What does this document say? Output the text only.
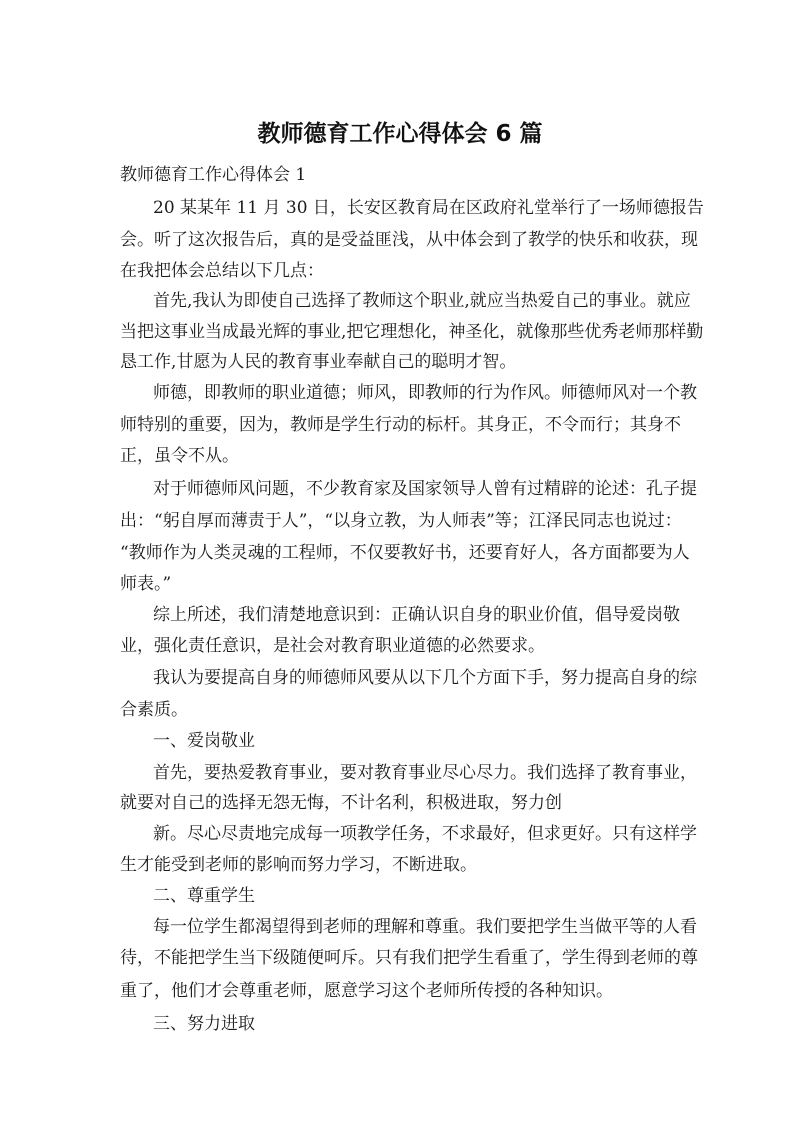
教师德育工作心得体会 6 篇
教师德育工作心得体会 1
20 某某年 11 月 30 日，长安区教育局在区政府礼堂举行了一场师德报告
会。听了这次报告后，真的是受益匪浅，从中体会到了教学的快乐和收获，现
在我把体会总结以下几点：
首先,我认为即使自己选择了教师这个职业,就应当热爱自己的事业。就应
当把这事业当成最光辉的事业,把它理想化，神圣化，就像那些优秀老师那样勤
恳工作,甘愿为人民的教育事业奉献自己的聪明才智。
师德，即教师的职业道德；师风，即教师的行为作风。师德师风对一个教
师特别的重要，因为，教师是学生行动的标杆。其身正，不令而行；其身不
正，虽令不从。
对于师德师风问题，不少教育家及国家领导人曾有过精辟的论述：孔子提
出：“躬自厚而薄责于人”，“以身立教，为人师表”等；江泽民同志也说过：
“教师作为人类灵魂的工程师，不仅要教好书，还要育好人，各方面都要为人
师表。”
综上所述，我们清楚地意识到：正确认识自身的职业价值，倡导爱岗敬
业，强化责任意识，是社会对教育职业道德的必然要求。
我认为要提高自身的师德师风要从以下几个方面下手，努力提高自身的综
合素质。
一、爱岗敬业
首先，要热爱教育事业，要对教育事业尽心尽力。我们选择了教育事业，
就要对自己的选择无怨无悔，不计名利，积极进取，努力创
新。尽心尽责地完成每一项教学任务，不求最好，但求更好。只有这样学
生才能受到老师的影响而努力学习，不断进取。
二、尊重学生
每一位学生都渴望得到老师的理解和尊重。我们要把学生当做平等的人看
待，不能把学生当下级随便呵斥。只有我们把学生看重了，学生得到老师的尊
重了，他们才会尊重老师，愿意学习这个老师所传授的各种知识。
三、努力进取
